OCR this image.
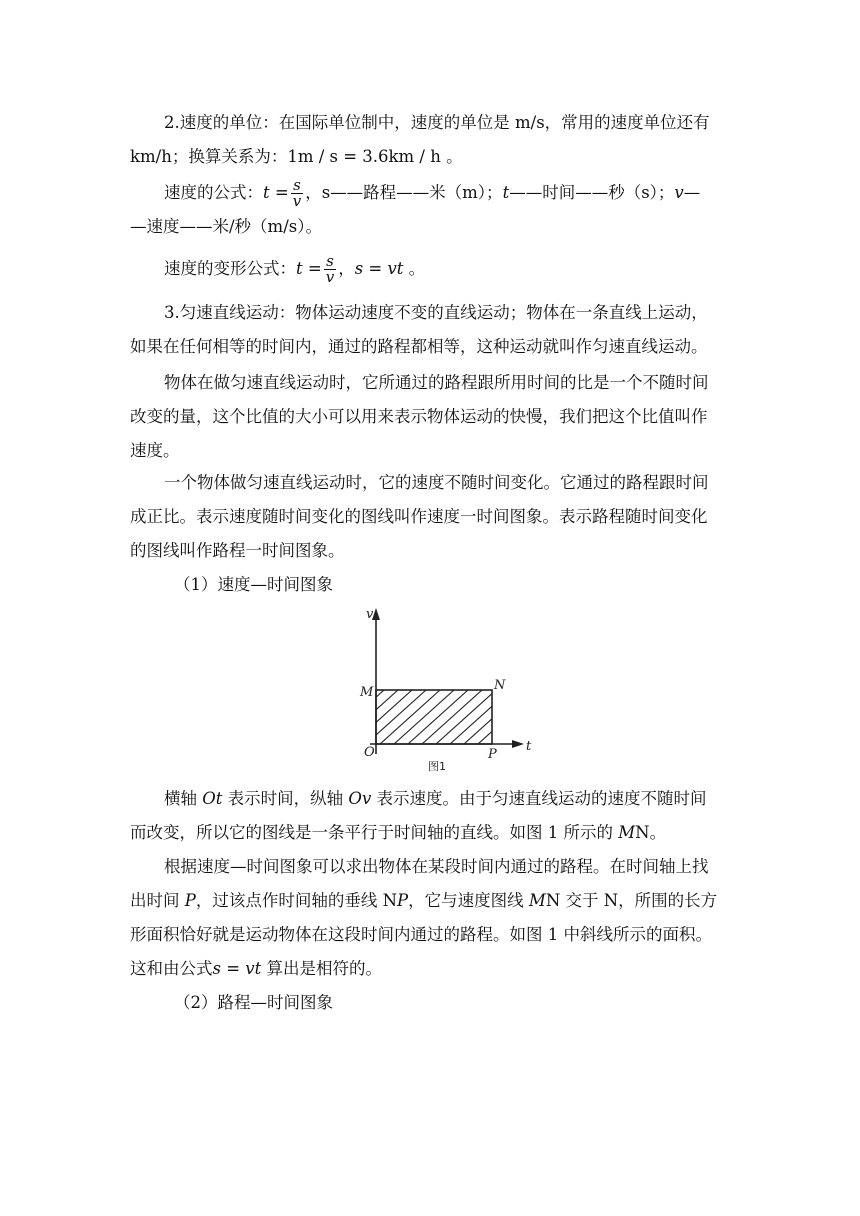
2.速度的单位：在国际单位制中，速度的单位是 m/s，常用的速度单位还有
km/h；换算关系为：1m / s = 3.6km / h 。
速度的公式：$t = \frac{s}{v}$ ，s——路程——米（m）；t——时间——秒（s）；v—
—速度——米/秒（m/s）。
速度的变形公式：$t = \frac{s}{v}$ ，s = vt 。
3.匀速直线运动：物体运动速度不变的直线运动；物体在一条直线上运动，
如果在任何相等的时间内，通过的路程都相等，这种运动就叫作匀速直线运动。
物体在做匀速直线运动时，它所通过的路程跟所用时间的比是一个不随时间
改变的量，这个比值的大小可以用来表示物体运动的快慢，我们把这个比值叫作
速度。
一个物体做匀速直线运动时，它的速度不随时间变化。它通过的路程跟时间
成正比。表示速度随时间变化的图线叫作速度一时间图象。表示路程随时间变化
的图线叫作路程一时间图象。
（1）速度—时间图象
v
t
M	N
O	P
图1
横轴 Ot 表示时间，纵轴 Ov 表示速度。由于匀速直线运动的速度不随时间
而改变，所以它的图线是一条平行于时间轴的直线。如图 1 所示的 MN。
根据速度—时间图象可以求出物体在某段时间内通过的路程。在时间轴上找
出时间 P，过该点作时间轴的垂线 NP，它与速度图线 MN 交于 N，所围的长方
形面积恰好就是运动物体在这段时间内通过的路程。如图 1 中斜线所示的面积。
这和由公式s = vt 算出是相符的。
（2）路程—时间图象
